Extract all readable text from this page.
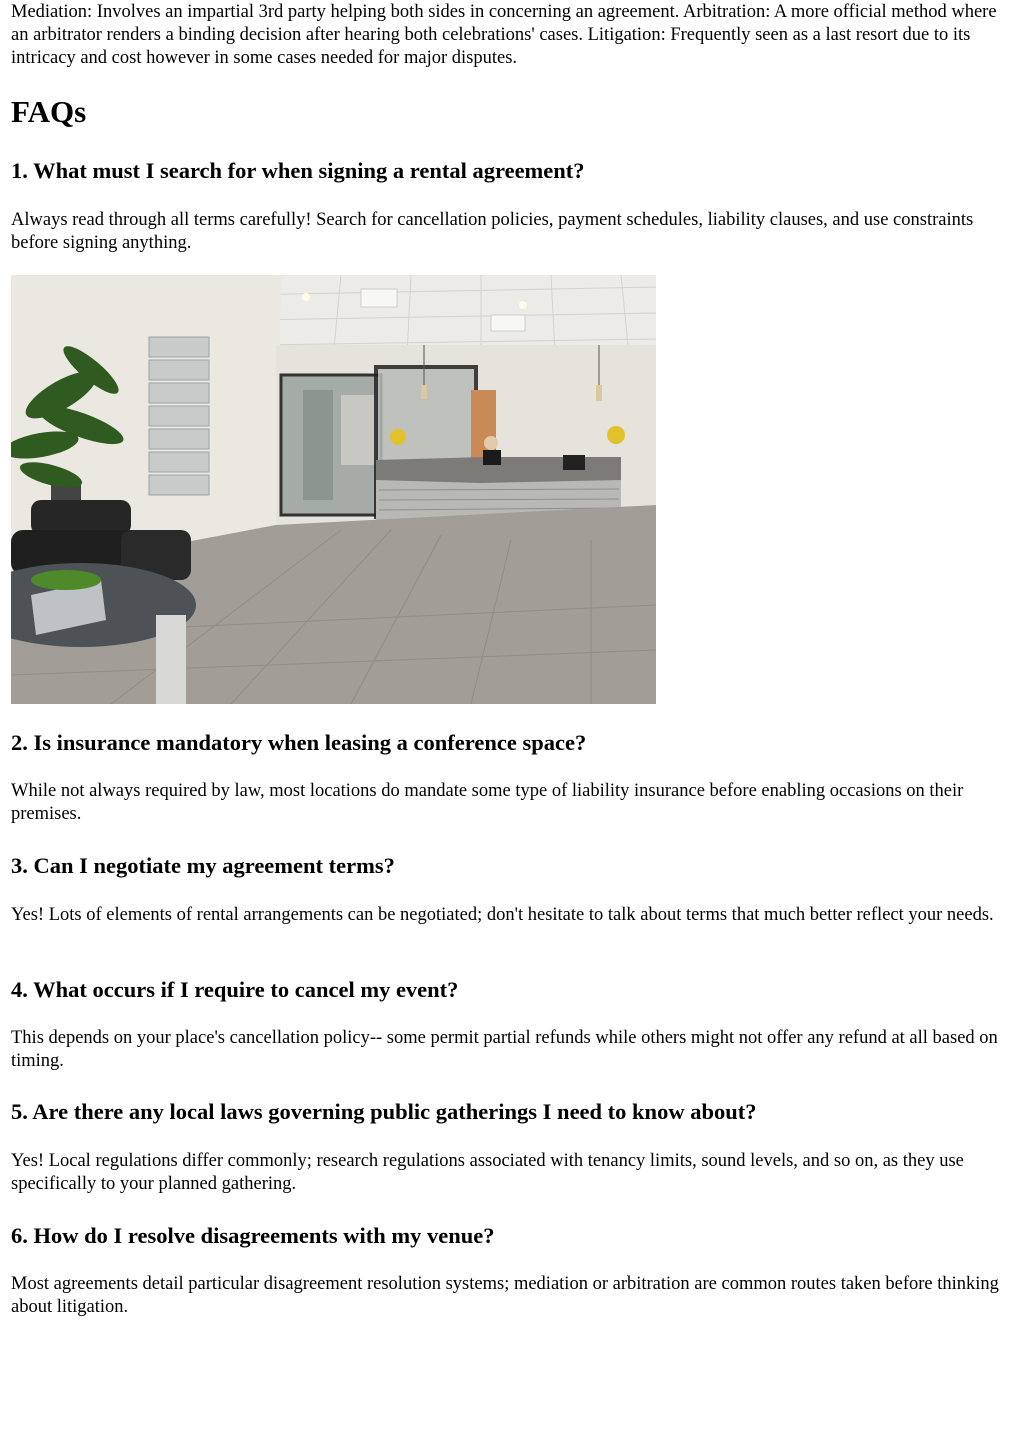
Mediation: Involves an impartial 3rd party helping both sides in concerning an agreement. Arbitration: A more official method where an arbitrator renders a binding decision after hearing both celebrations' cases. Litigation: Frequently seen as a last resort due to its intricacy and cost however in some cases needed for major disputes.

FAQs
1. What must I search for when signing a rental agreement?

Always read through all terms carefully! Search for cancellation policies, payment schedules, liability clauses, and use constraints before signing anything.

2. Is insurance mandatory when leasing a conference space?

While not always required by law, most locations do mandate some type of liability insurance before enabling occasions on their premises.

3. Can I negotiate my agreement terms?

Yes! Lots of elements of rental arrangements can be negotiated; don't hesitate to talk about terms that much better reflect your needs.

4. What occurs if I require to cancel my event?

This depends on your place's cancellation policy-- some permit partial refunds while others might not offer any refund at all based on timing.

5. Are there any local laws governing public gatherings I need to know about?

Yes! Local regulations differ commonly; research regulations associated with tenancy limits, sound levels, and so on, as they use specifically to your planned gathering.

6. How do I resolve disagreements with my venue?

Most agreements detail particular disagreement resolution systems; mediation or arbitration are common routes taken before thinking about litigation.
